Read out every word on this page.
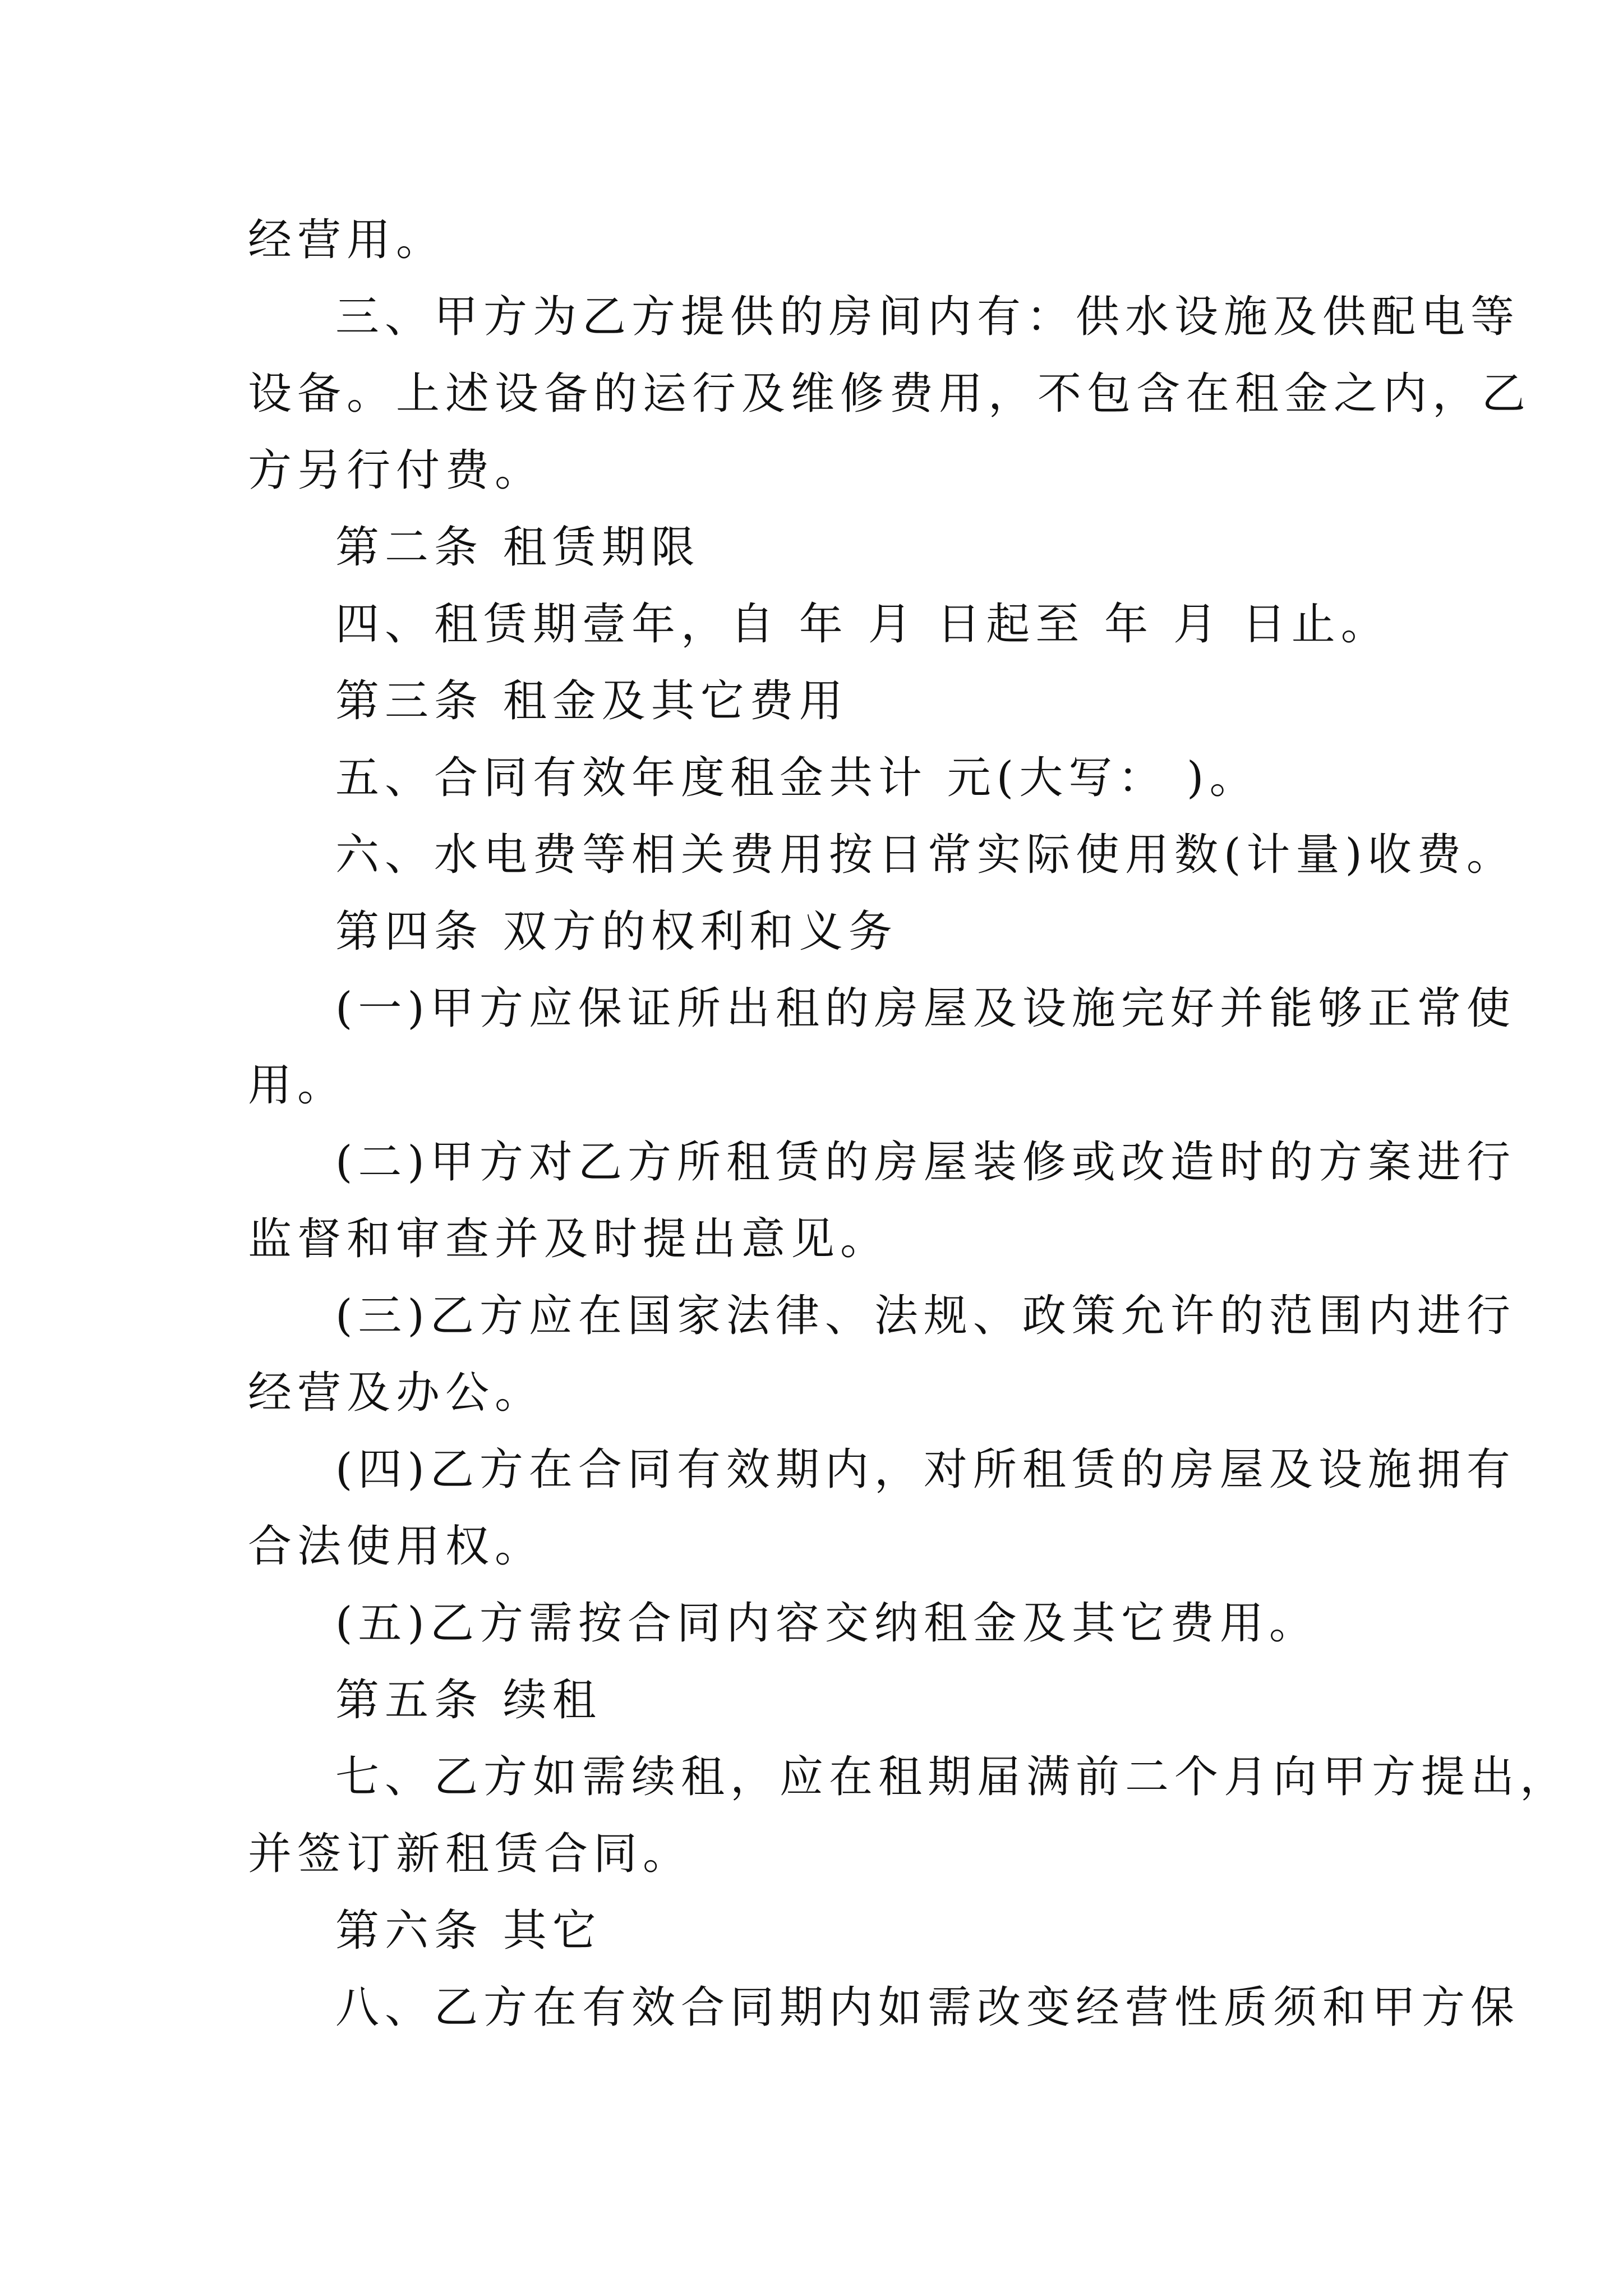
经营用。
三、甲方为乙方提供的房间内有：供水设施及供配电等
设备。上述设备的运行及维修费用，不包含在租金之内，乙
方另行付费。
第二条 租赁期限
四、租赁期壹年，自 年 月 日起至 年 月 日止。
第三条 租金及其它费用
五、合同有效年度租金共计 元(大写： )。
六、水电费等相关费用按日常实际使用数(计量)收费。
第四条 双方的权利和义务
(一)甲方应保证所出租的房屋及设施完好并能够正常使
用。
(二)甲方对乙方所租赁的房屋装修或改造时的方案进行
监督和审查并及时提出意见。
(三)乙方应在国家法律、法规、政策允许的范围内进行
经营及办公。
(四)乙方在合同有效期内，对所租赁的房屋及设施拥有
合法使用权。
(五)乙方需按合同内容交纳租金及其它费用。
第五条 续租
七、乙方如需续租，应在租期届满前二个月向甲方提出，
并签订新租赁合同。
第六条 其它
八、乙方在有效合同期内如需改变经营性质须和甲方保
